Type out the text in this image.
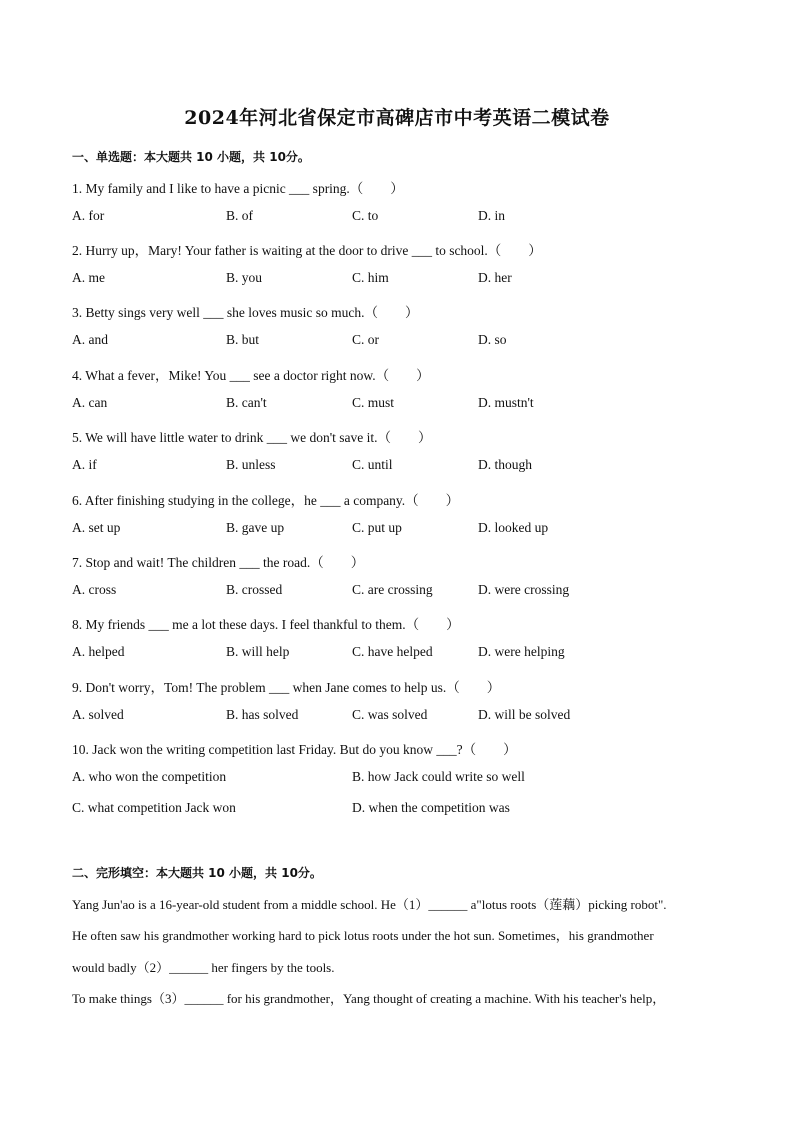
2024年河北省保定市高碑店市中考英语二模试卷
一、单选题：本大题共 10 小题，共 10分。
1. My family and I like to have a picnic ___ spring.（　　）
A. for	B. of	C. to	D. in
2. Hurry up，Mary! Your father is waiting at the door to drive ___ to school.（　　）
A. me	B. you	C. him	D. her
3. Betty sings very well ___ she loves music so much.（　　）
A. and	B. but	C. or	D. so
4. What a fever，Mike! You ___ see a doctor right now.（　　）
A. can	B. can't	C. must	D. mustn't
5. We will have little water to drink ___ we don't save it.（　　）
A. if	B. unless	C. until	D. though
6. After finishing studying in the college，he ___ a company.（　　）
A. set up	B. gave up	C. put up	D. looked up
7. Stop and wait! The children ___ the road.（　　）
A. cross	B. crossed	C. are crossing	D. were crossing
8. My friends ___ me a lot these days. I feel thankful to them.（　　）
A. helped	B. will help	C. have helped	D. were helping
9. Don't worry，Tom! The problem ___ when Jane comes to help us.（　　）
A. solved	B. has solved	C. was solved	D. will be solved
10. Jack won the writing competition last Friday. But do you know ___?（　　）
A. who won the competition	B. how Jack could write so well
C. what competition Jack won	D. when the competition was
二、完形填空：本大题共 10 小题，共 10分。
Yang Jun'ao is a 16-year-old student from a middle school. He（1）______ a"lotus roots（莲藕）picking robot".
He often saw his grandmother working hard to pick lotus roots under the hot sun. Sometimes，his grandmother
would badly（2）______ her fingers by the tools.
To make things（3）______ for his grandmother，Yang thought of creating a machine. With his teacher's help，
